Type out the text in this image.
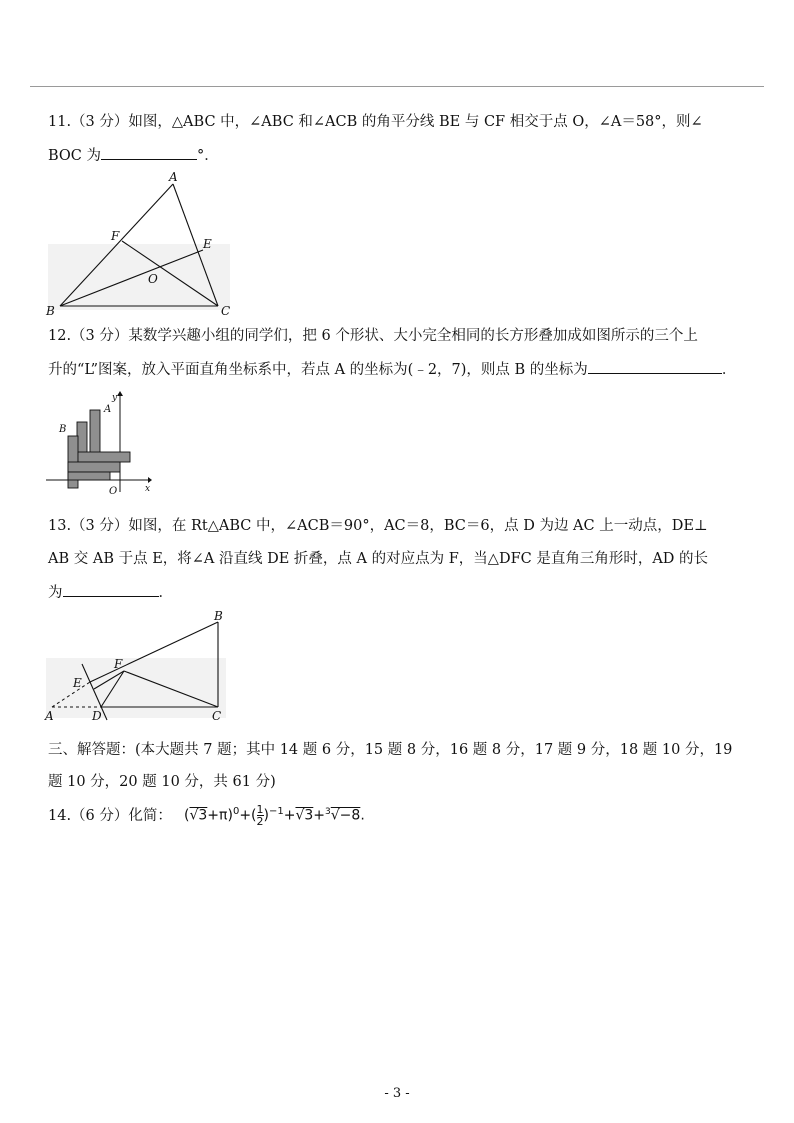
11.（3 分）如图，△ABC 中，∠ABC 和∠ACB 的角平分线 BE 与 CF 相交于点 O，∠A＝58°，则∠
BOC 为	°．
A
B	C
E
F
O
12.（3 分）某数学兴趣小组的同学们，把 6 个形状、大小完全相同的长方形叠加成如图所示的三个上
升的“L”图案，放入平面直角坐标系中，若点 A 的坐标为(﹣2，7)，则点 B 的坐标为	．
y
x
A
B
O
13.（3 分）如图，在 Rt△ABC 中，∠ACB＝90°，AC＝8，BC＝6，点 D 为边 AC 上一动点，DE⊥
AB 交 AB 于点 E，将∠A 沿直线 DE 折叠，点 A 的对应点为 F，当△DFC 是直角三角形时，AD 的长
为	．
B
C
A	D
E
F
三、解答题：(本大题共 7 题；其中 14 题 6 分，15 题 8 分，16 题 8 分，17 题 9 分，18 题 10 分，19
题 10 分，20 题 10 分，共 61 分)
14.（6 分）化简： $(√3+\pi)^0+( \frac{1}{2} )^{-1}+√3+^3√-8$.
- 3 -
